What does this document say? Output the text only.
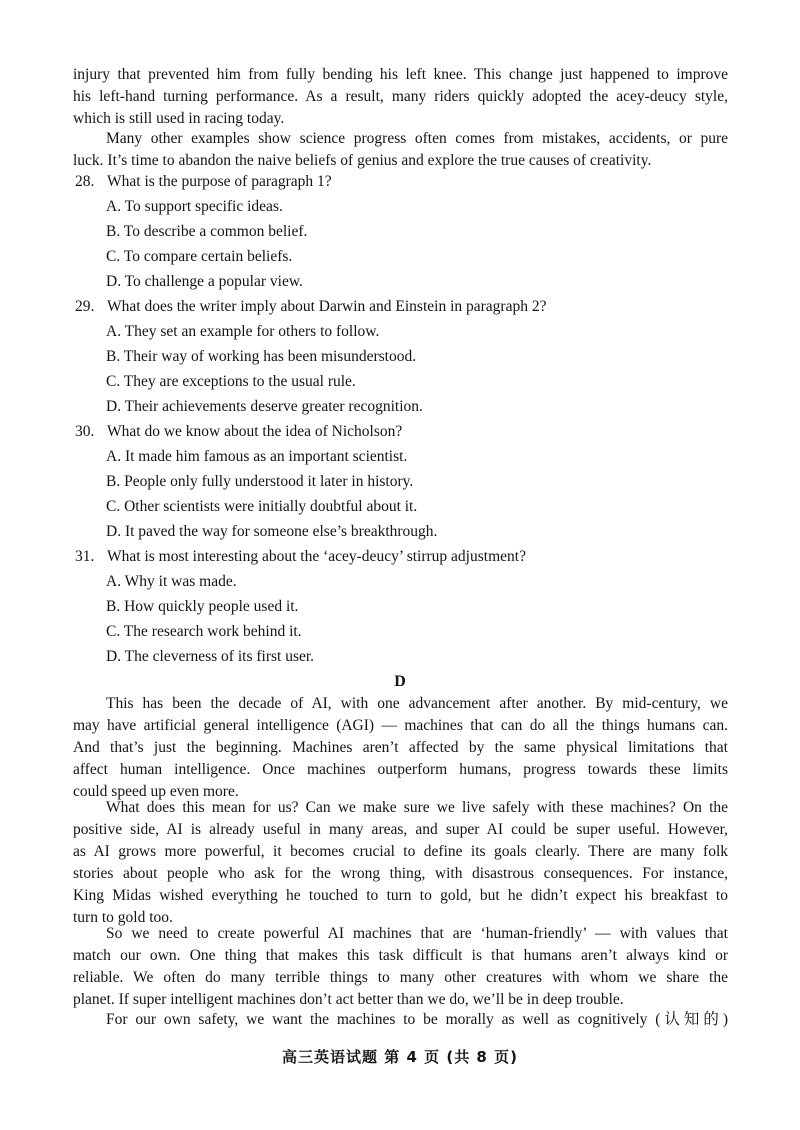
injury that prevented him from fully bending his left knee. This change just happened to improve
his left-hand turning performance. As a result, many riders quickly adopted the acey-deucy style,
which is still used in racing today.
Many other examples show science progress often comes from mistakes, accidents, or pure
luck. It’s time to abandon the naive beliefs of genius and explore the true causes of creativity.
28. What is the purpose of paragraph 1?
A. To support specific ideas.
B. To describe a common belief.
C. To compare certain beliefs.
D. To challenge a popular view.
29. What does the writer imply about Darwin and Einstein in paragraph 2?
A. They set an example for others to follow.
B. Their way of working has been misunderstood.
C. They are exceptions to the usual rule.
D. Their achievements deserve greater recognition.
30. What do we know about the idea of Nicholson?
A. It made him famous as an important scientist.
B. People only fully understood it later in history.
C. Other scientists were initially doubtful about it.
D. It paved the way for someone else’s breakthrough.
31. What is most interesting about the ‘acey-deucy’ stirrup adjustment?
A. Why it was made.
B. How quickly people used it.
C. The research work behind it.
D. The cleverness of its first user.
D
This has been the decade of AI, with one advancement after another. By mid-century, we
may have artificial general intelligence (AGI) — machines that can do all the things humans can.
And that’s just the beginning. Machines aren’t affected by the same physical limitations that
affect human intelligence. Once machines outperform humans, progress towards these limits
could speed up even more.
What does this mean for us? Can we make sure we live safely with these machines? On the
positive side, AI is already useful in many areas, and super AI could be super useful. However,
as AI grows more powerful, it becomes crucial to define its goals clearly. There are many folk
stories about people who ask for the wrong thing, with disastrous consequences. For instance,
King Midas wished everything he touched to turn to gold, but he didn’t expect his breakfast to
turn to gold too.
So we need to create powerful AI machines that are ‘human-friendly’ — with values that
match our own. One thing that makes this task difficult is that humans aren’t always kind or
reliable. We often do many terrible things to many other creatures with whom we share the
planet. If super intelligent machines don’t act better than we do, we’ll be in deep trouble.
For our own safety, we want the machines to be morally as well as cognitively (认知的)
高三英语试题 第 4 页 (共 8 页)
